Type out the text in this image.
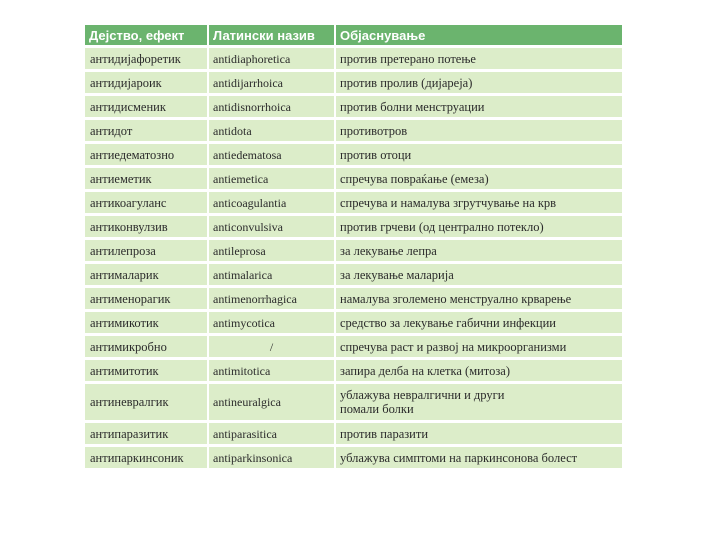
Дејство, ефект	Латински назив	Објаснување
антидијафоретик	antidiaphoretica	против претерано потење
антидијароик	antidijarrhoica	против пролив (дијареја)
антидисменик	antidisnorrhoica	против болни менструации
антидот	antidota	противотров
антиедематозно	antiedematosa	против отоци
антиеметик	antiemetica	спречува повраќање (емеза)
антикоагуланс	anticoagulantia	спречува и намалува згрутчување на крв
антиконвулзив	anticonvulsiva	против грчеви (од централно потекло)
антилепроза	antileprosa	за лекување лепра
антималарик	antimalarica	за лекување маларија
антименорагик	antimenorrhagica	намалува зголемено менструално крварење
антимикотик	antimycotica	средство за лекување габични инфекции
антимикробно	/	спречува раст и развој на микроорганизми
антимитотик	antimitotica	запира делба на клетка (митоза)
антиневралгик	antineuralgica	ублажува невралгични и други
помали болки

антипаразитик	antiparasitica	против паразити
антипаркинсоник	antiparkinsonica	ублажува симптоми на паркинсонова болест
